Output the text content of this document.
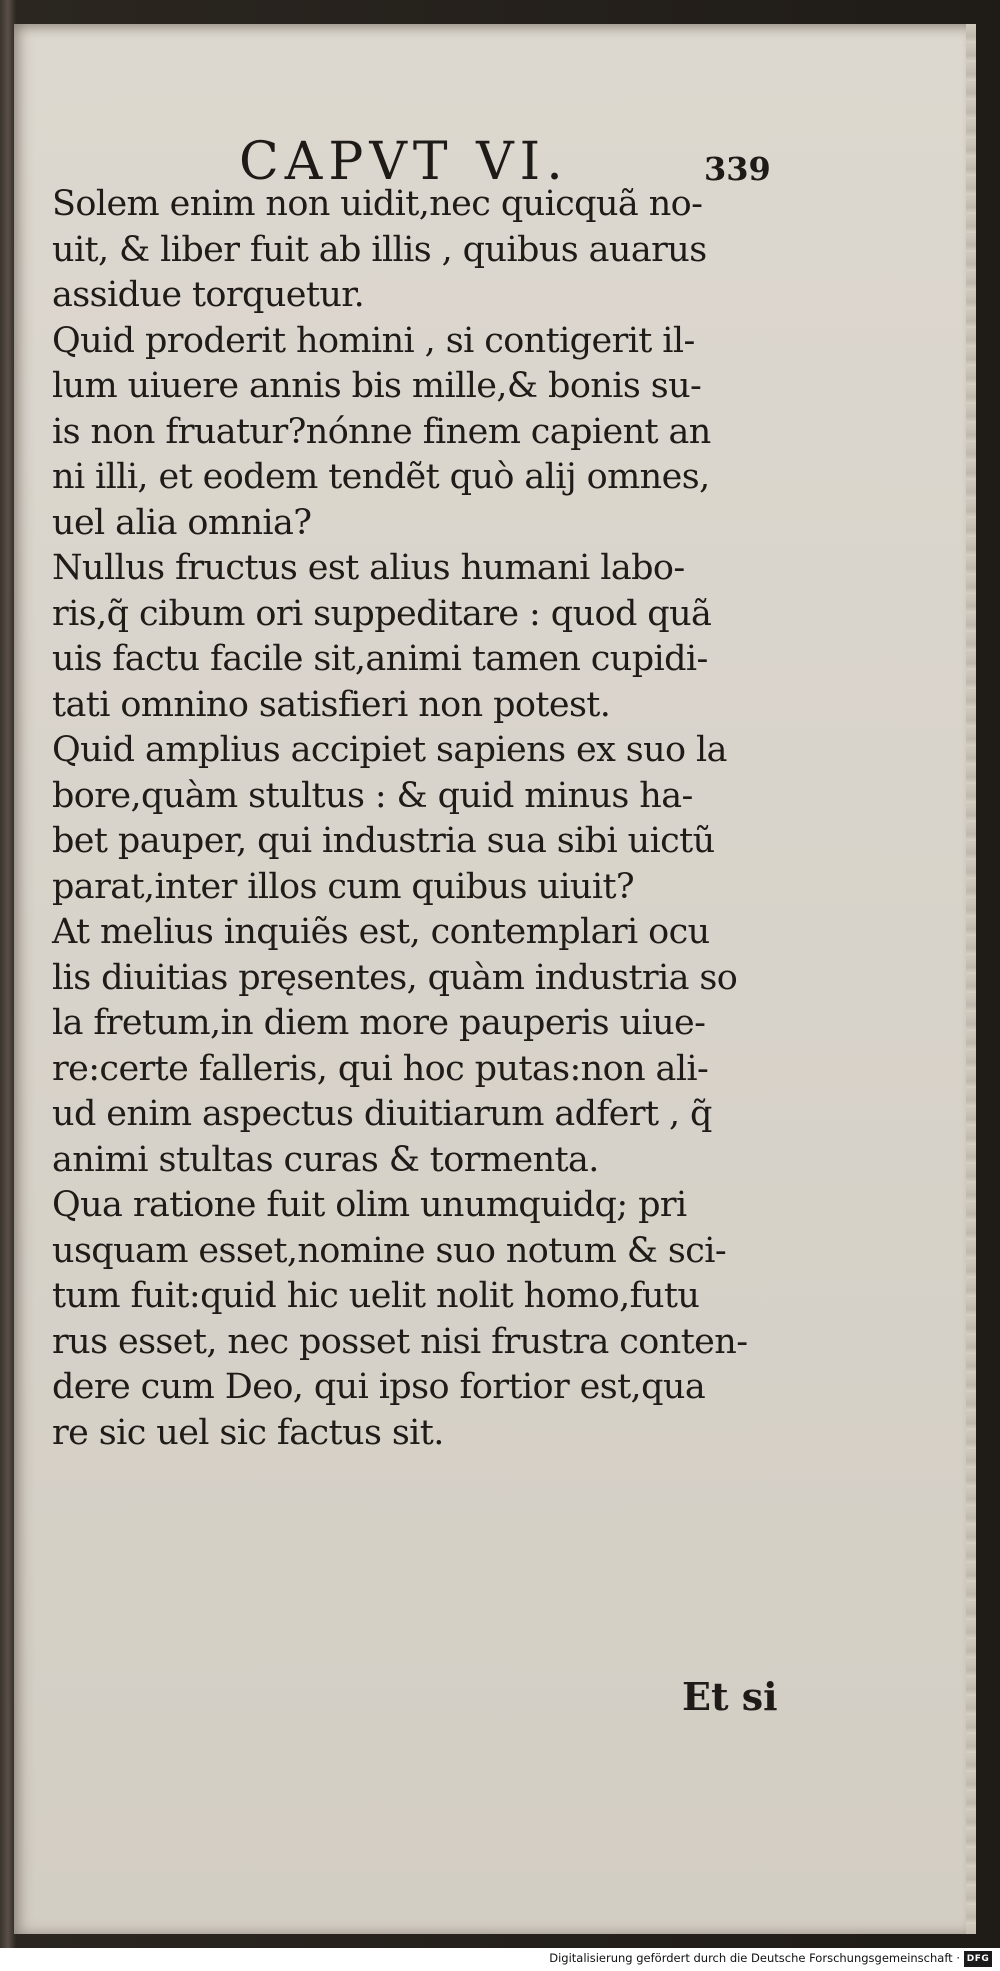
CAPVT VI.	339
Solem enim non uidit,nec quicquã no-
uit, & liber fuit ab illis , quibus auarus
assidue torquetur.
Quid proderit homini , si contigerit il-
lum uiuere annis bis mille,& bonis su-
is non fruatur?nónne finem capient an
ni illi, et eodem tendẽt quò alij omnes,
uel alia omnia?
Nullus fructus est alius humani labo-
ris,q̃ cibum ori suppeditare : quod quã
uis factu facile sit,animi tamen cupidi-
tati omnino satisfieri non potest.
Quid amplius accipiet sapiens ex suo la
bore,quàm stultus : & quid minus ha-
bet pauper, qui industria sua sibi uictũ
parat,inter illos cum quibus uiuit?
At melius inquiẽs est, contemplari ocu
lis diuitias pręsentes, quàm industria so
la fretum,in diem more pauperis uiue-
re:certe falleris, qui hoc putas:non ali-
ud enim aspectus diuitiarum adfert , q̃
animi stultas curas & tormenta.
Qua ratione fuit olim unumquidq; pri
usquam esset,nomine suo notum & sci-
tum fuit:quid hic uelit nolit homo,futu
rus esset, nec posset nisi frustra conten-
dere cum Deo, qui ipso fortior est,qua
re sic uel sic factus sit.
Et si
Digitalisierung gefördert durch die Deutsche Forschungsgemeinschaft · DFG
